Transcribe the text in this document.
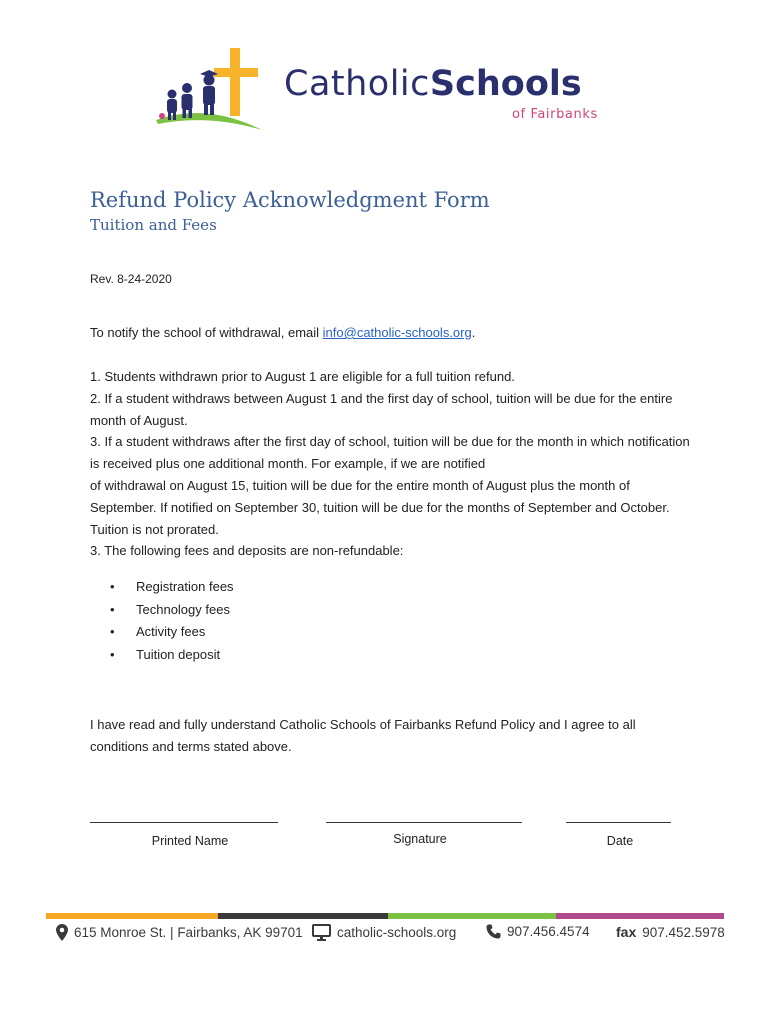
CatholicSchools
of Fairbanks
Refund Policy Acknowledgment Form
Tuition and Fees
Rev. 8-24-2020
To notify the school of withdrawal, email info@catholic-schools.org.

1. Students withdrawn prior to August 1 are eligible for a full tuition refund.

2. If a student withdraws between August 1 and the first day of school, tuition will be due for the entire month of August.

3. If a student withdraws after the first day of school, tuition will be due for the month in which notification is received plus one additional month. For example, if we are notified

of withdrawal on August 15, tuition will be due for the entire month of August plus the month of September. If notified on September 30, tuition will be due for the months of September and October. Tuition is not prorated.

3. The following fees and deposits are non-refundable:

• Registration fees
• Technology fees
• Activity fees
• Tuition deposit
I have read and fully understand Catholic Schools of Fairbanks Refund Policy and I agree to all conditions and terms stated above.
Printed Name	Signature	Date
615 Monroe St. | Fairbanks, AK 99701	catholic-schools.org	907.456.4574 fax 907.452.5978
